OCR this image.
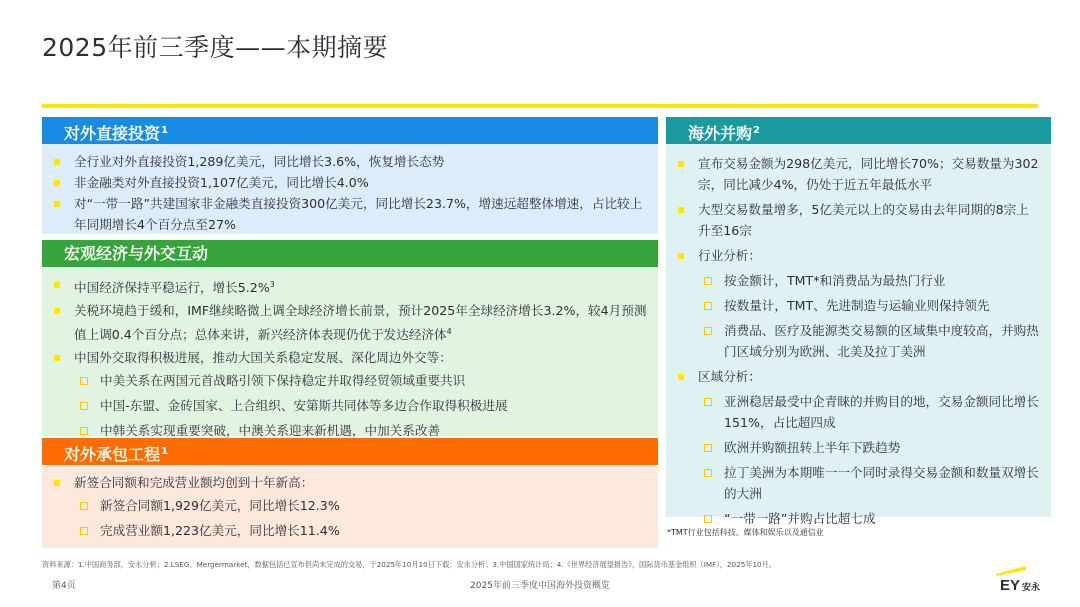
2025年前三季度——本期摘要
对外直接投资$^1$
全行业对外直接投资1,289亿美元，同比增长3.6%，恢复增长态势
非金融类对外直接投资1,107亿美元，同比增长4.0%
对“一带一路”共建国家非金融类直接投资300亿美元，同比增长23.7%，增速远超整体增速，占比较上年同期增长4个百分点至27%
宏观经济与外交互动
中国经济保持平稳运行，增长5.2%$^3$
关税环境趋于缓和，IMF继续略微上调全球经济增长前景，预计2025年全球经济增长3.2%，较4月预测值上调0.4个百分点；总体来讲，新兴经济体表现仍优于发达经济体$^4$
中国外交取得积极进展，推动大国关系稳定发展、深化周边外交等：
中美关系在两国元首战略引领下保持稳定并取得经贸领域重要共识
中国-东盟、金砖国家、上合组织、安第斯共同体等多边合作取得积极进展
中韩关系实现重要突破，中澳关系迎来新机遇，中加关系改善
对外承包工程$^1$
新签合同额和完成营业额均创到十年新高：
新签合同额1,929亿美元，同比增长12.3%
完成营业额1,223亿美元，同比增长11.4%
海外并购$^2$
宣布交易金额为298亿美元，同比增长70%；交易数量为302宗，同比减少4%，仍处于近五年最低水平
大型交易数量增多，5亿美元以上的交易由去年同期的8宗上升至16宗
行业分析：
按金额计，TMT*和消费品为最热门行业
按数量计，TMT、先进制造与运输业则保持领先
消费品、医疗及能源类交易额的区域集中度较高，并购热门区域分别为欧洲、北美及拉丁美洲
区域分析：
亚洲稳居最受中企青睐的并购目的地，交易金额同比增长151%，占比超四成
欧洲并购额扭转上半年下跌趋势
拉丁美洲为本期唯一一个同时录得交易金额和数量双增长的大洲
“一带一路”并购占比超七成
*TMT行业包括科技、媒体和娱乐以及通信业
资料来源：1.中国商务部，安永分析；2.LSEG、Mergermarket，数据包括已宣布但尚未完成的交易，于2025年10月10日下载；安永分析；3.中国国家统计局；4.《世界经济展望报告》，国际货币基金组织（IMF），2025年10月。
第4页	2025年前三季度中国海外投资概览	EY 安永
